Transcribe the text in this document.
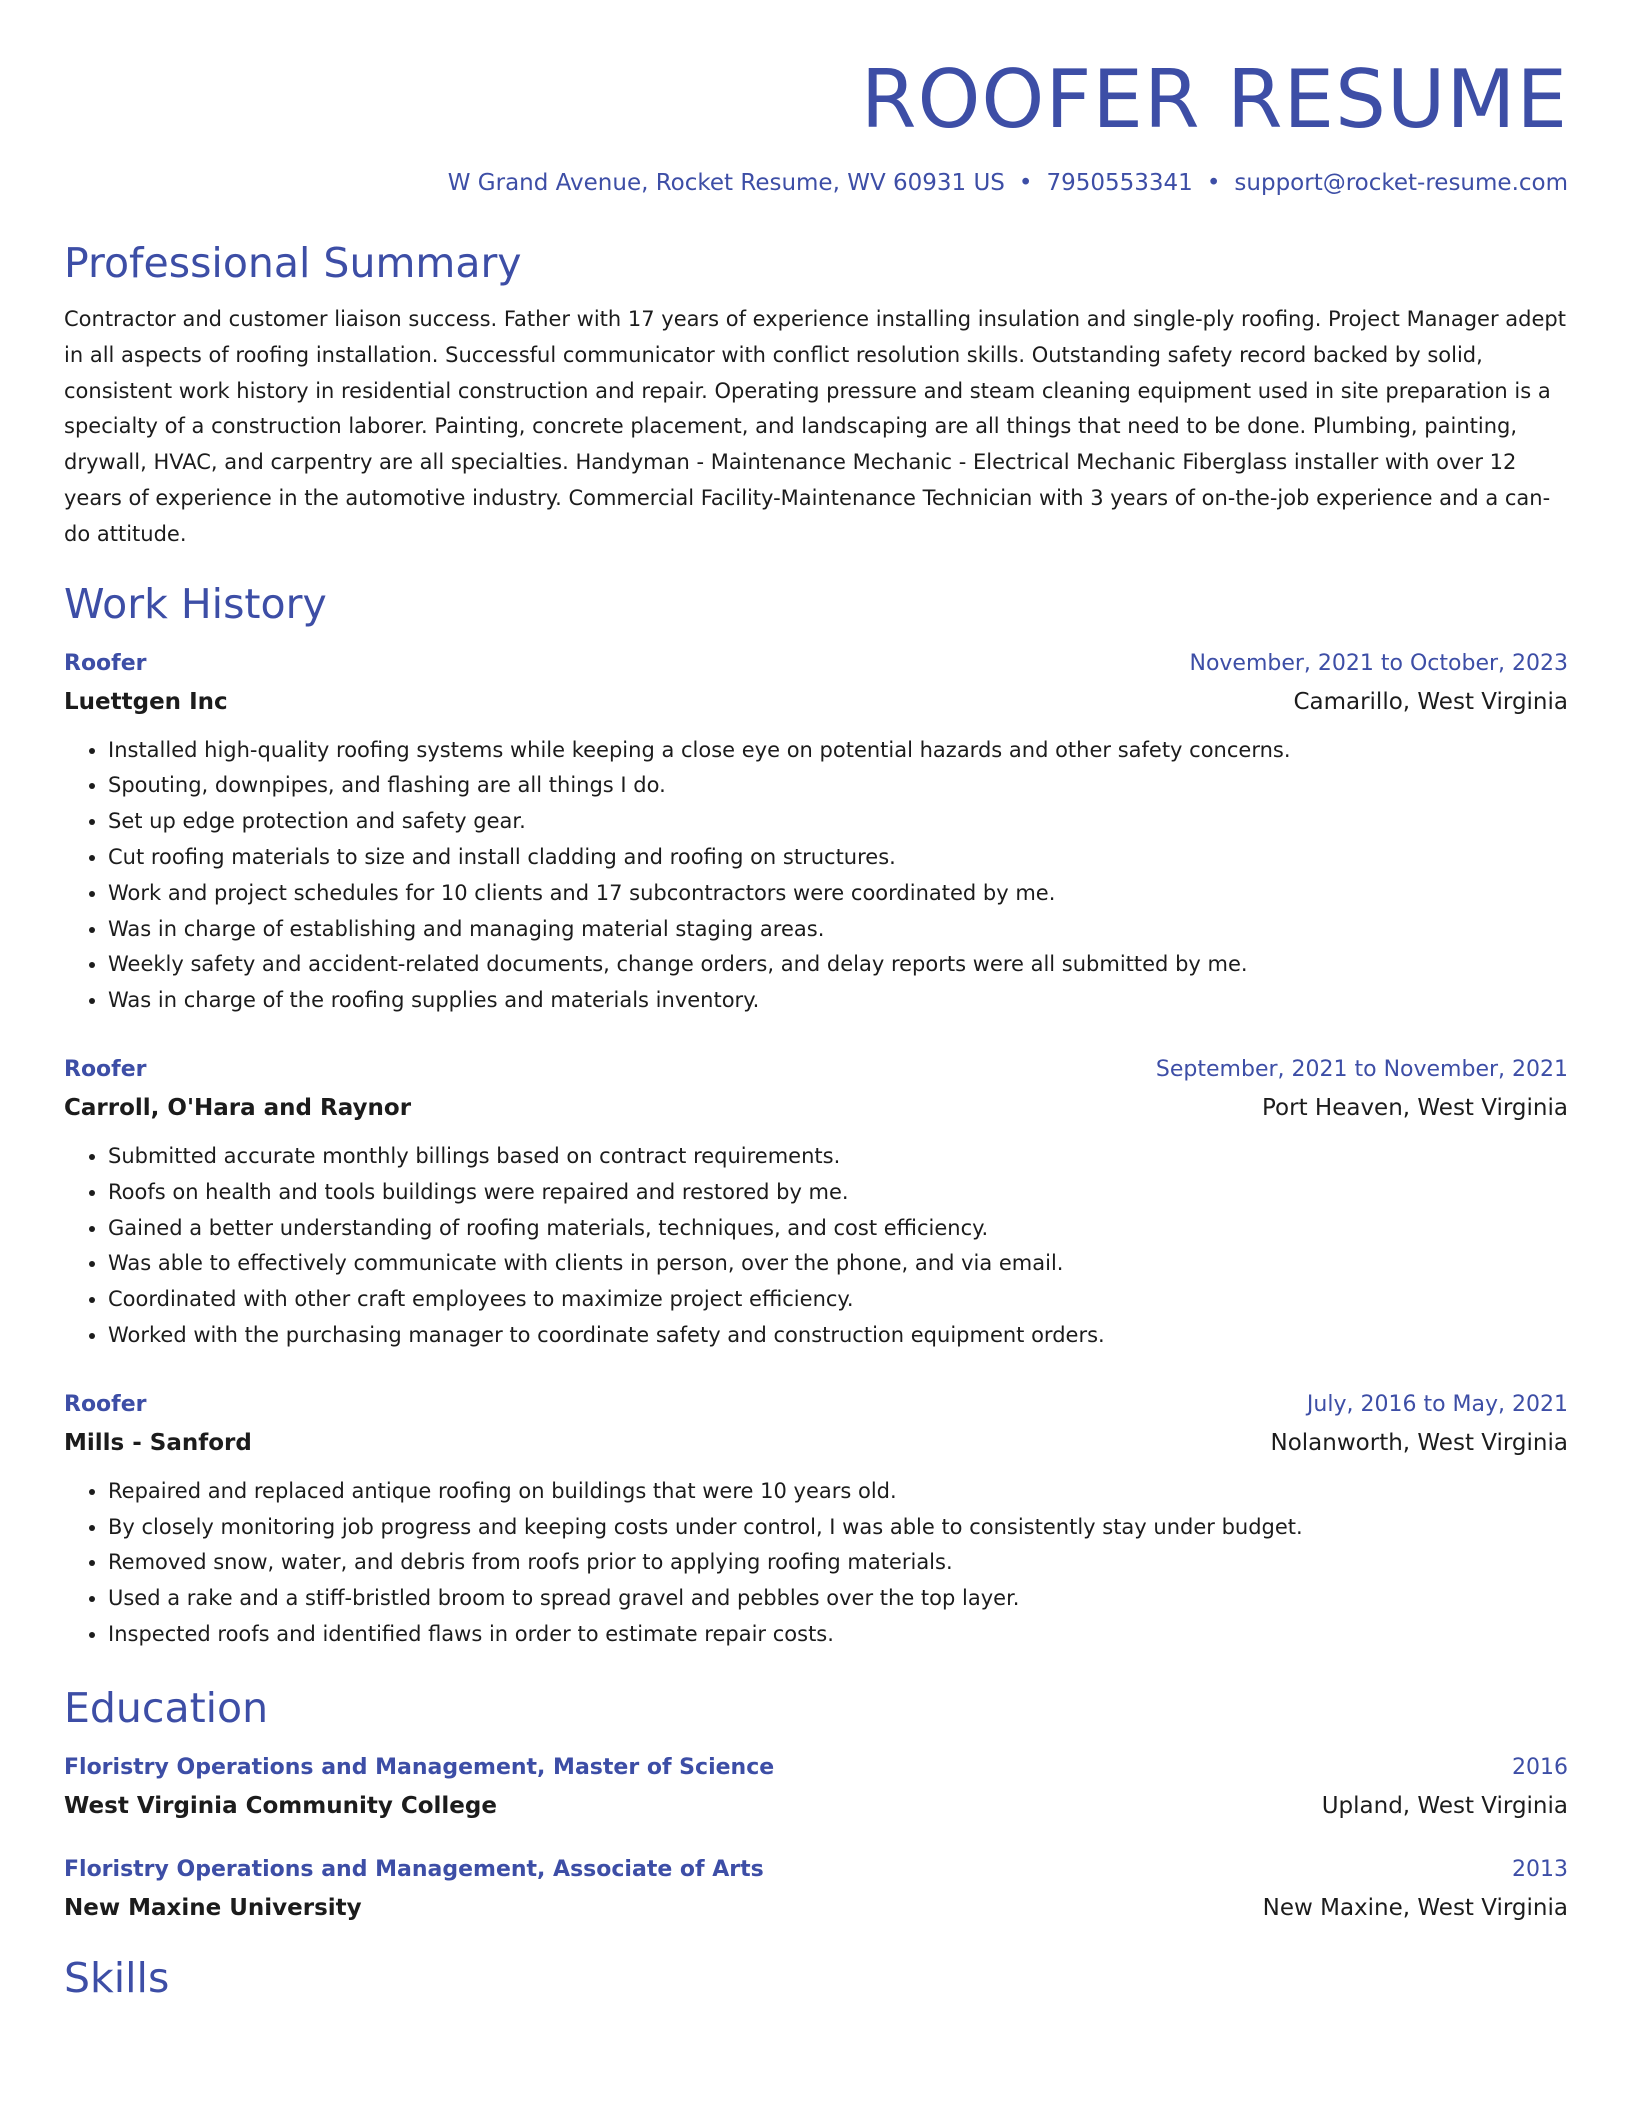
ROOFER RESUME
W Grand Avenue, Rocket Resume, WV 60931 US • 7950553341 • support@rocket-resume.com
Professional Summary
Contractor and customer liaison success. Father with 17 years of experience installing insulation and single-ply roofing. Project Manager adept in all aspects of roofing installation. Successful communicator with conflict resolution skills. Outstanding safety record backed by solid, consistent work history in residential construction and repair. Operating pressure and steam cleaning equipment used in site preparation is a specialty of a construction laborer. Painting, concrete placement, and landscaping are all things that need to be done. Plumbing, painting, drywall, HVAC, and carpentry are all specialties. Handyman - Maintenance Mechanic - Electrical Mechanic Fiberglass installer with over 12 years of experience in the automotive industry. Commercial Facility-Maintenance Technician with 3 years of on-the-job experience and a can-do attitude.
Work History
Roofer	November, 2021 to October, 2023
Luettgen Inc	Camarillo, West Virginia
• Installed high-quality roofing systems while keeping a close eye on potential hazards and other safety concerns.
• Spouting, downpipes, and flashing are all things I do.
• Set up edge protection and safety gear.
• Cut roofing materials to size and install cladding and roofing on structures.
• Work and project schedules for 10 clients and 17 subcontractors were coordinated by me.
• Was in charge of establishing and managing material staging areas.
• Weekly safety and accident-related documents, change orders, and delay reports were all submitted by me.
• Was in charge of the roofing supplies and materials inventory.
Roofer	September, 2021 to November, 2021
Carroll, O'Hara and Raynor	Port Heaven, West Virginia
• Submitted accurate monthly billings based on contract requirements.
• Roofs on health and tools buildings were repaired and restored by me.
• Gained a better understanding of roofing materials, techniques, and cost efficiency.
• Was able to effectively communicate with clients in person, over the phone, and via email.
• Coordinated with other craft employees to maximize project efficiency.
• Worked with the purchasing manager to coordinate safety and construction equipment orders.
Roofer	July, 2016 to May, 2021
Mills - Sanford	Nolanworth, West Virginia
• Repaired and replaced antique roofing on buildings that were 10 years old.
• By closely monitoring job progress and keeping costs under control, I was able to consistently stay under budget.
• Removed snow, water, and debris from roofs prior to applying roofing materials.
• Used a rake and a stiff-bristled broom to spread gravel and pebbles over the top layer.
• Inspected roofs and identified flaws in order to estimate repair costs.
Education
Floristry Operations and Management, Master of Science	2016
West Virginia Community College	Upland, West Virginia
Floristry Operations and Management, Associate of Arts	2013
New Maxine University	New Maxine, West Virginia
Skills
